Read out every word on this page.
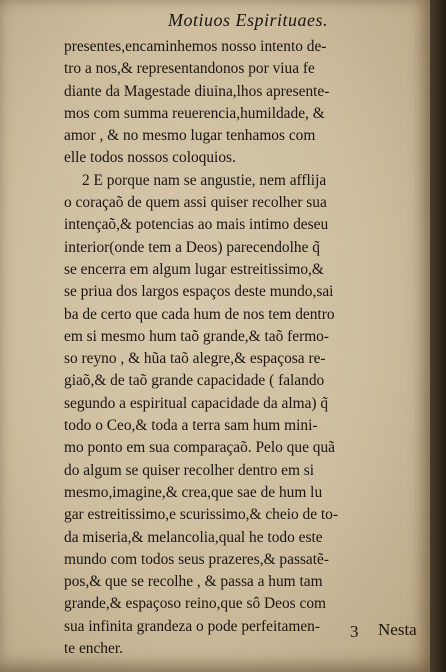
Motiuos Espirituaes.
presentes,encaminhemos nosso intento de-
tro a nos,& representandonos por viua fe
diante da Magestade diuina,lhos apresente-
mos com summa reuerencia,humildade, &
amor , & no mesmo lugar tenhamos com
elle todos nossos coloquios.
2 E porque nam se angustie, nem afflija
o coraçaõ de quem assi quiser recolher sua
intençaõ,& potencias ao mais intimo deseu
interior(onde tem a Deos) parecendolhe q̃
se encerra em algum lugar estreitissimo,&
se priua dos largos espaços deste mundo,sai
ba de certo que cada hum de nos tem dentro
em si mesmo hum taõ grande,& taõ fermo-
so reyno , & hũa taõ alegre,& espaçosa re-
giaõ,& de taõ grande capacidade ( falando
segundo a espiritual capacidade da alma) q̃
todo o Ceo,& toda a terra sam hum mini-
mo ponto em sua comparaçaõ. Pelo que quã
do algum se quiser recolher dentro em si
mesmo,imagine,& crea,que sae de hum lu
gar estreitissimo,e scurissimo,& cheio de to-
da miseria,& melancolia,qual he todo este
mundo com todos seus prazeres,& passatẽ-
pos,& que se recolhe , & passa a hum tam
grande,& espaçoso reino,que sô Deos com
sua infinita grandeza o pode perfeitamen-
te encher.
3 Nesta
